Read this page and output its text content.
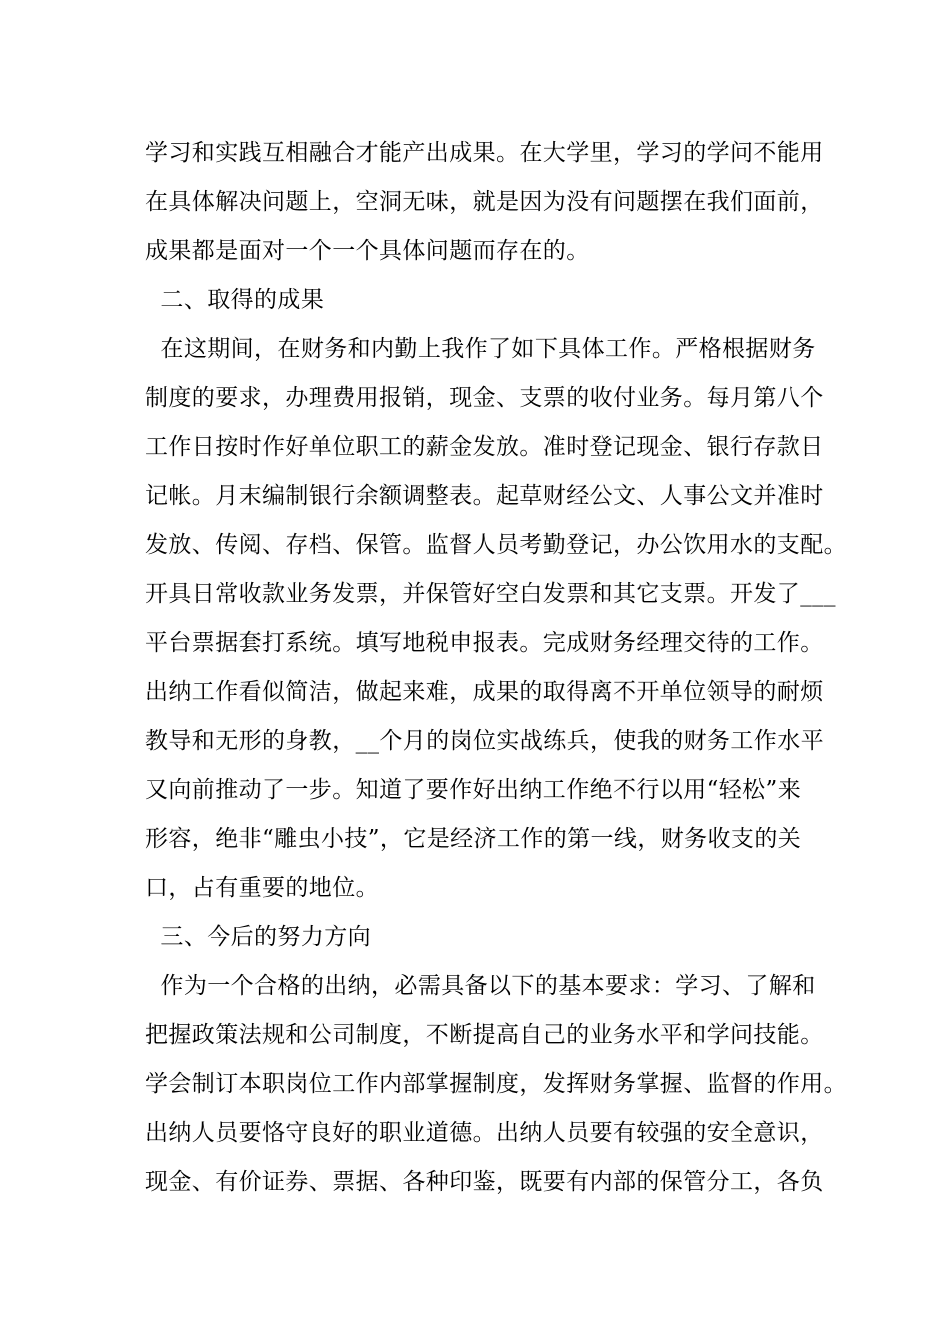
学习和实践互相融合才能产出成果。在大学里，学习的学问不能用
在具体解决问题上，空洞无味，就是因为没有问题摆在我们面前，
成果都是面对一个一个具体问题而存在的。
二、取得的成果
在这期间，在财务和内勤上我作了如下具体工作。严格根据财务
制度的要求，办理费用报销，现金、支票的收付业务。每月第八个
工作日按时作好单位职工的薪金发放。准时登记现金、银行存款日
记帐。月末编制银行余额调整表。起草财经公文、人事公文并准时
发放、传阅、存档、保管。监督人员考勤登记，办公饮用水的支配。
开具日常收款业务发票，并保管好空白发票和其它支票。开发了___
平台票据套打系统。填写地税申报表。完成财务经理交待的工作。
出纳工作看似简洁，做起来难，成果的取得离不开单位领导的耐烦
教导和无形的身教，__个月的岗位实战练兵，使我的财务工作水平
又向前推动了一步。知道了要作好出纳工作绝不行以用“轻松”来
形容，绝非“雕虫小技”，它是经济工作的第一线，财务收支的关
口，占有重要的地位。
三、今后的努力方向
作为一个合格的出纳，必需具备以下的基本要求：学习、了解和
把握政策法规和公司制度，不断提高自己的业务水平和学问技能。
学会制订本职岗位工作内部掌握制度，发挥财务掌握、监督的作用。
出纳人员要恪守良好的职业道德。出纳人员要有较强的安全意识，
现金、有价证券、票据、各种印鉴，既要有内部的保管分工，各负
